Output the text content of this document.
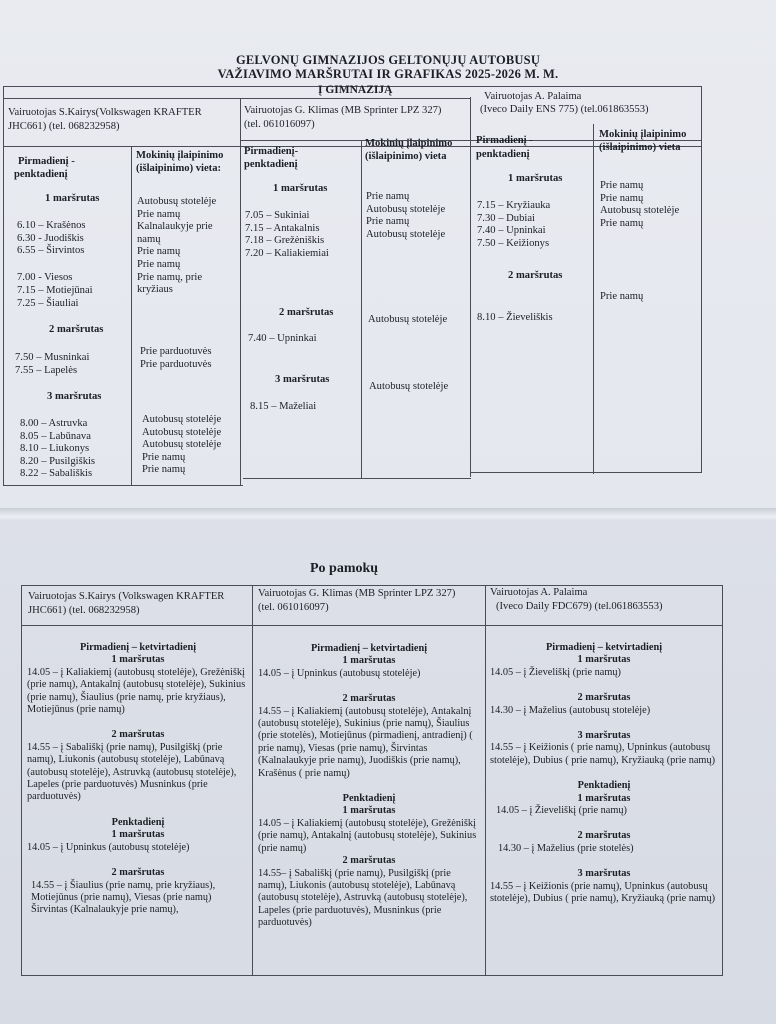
GELVONŲ GIMNAZIJOS GELTONŲJŲ AUTOBUSŲ
VAŽIAVIMO MARŠRUTAI IR GRAFIKAS 2025-2026 M. M.
Į GIMNAZIJĄ
Vairuotojas S.Kairys(Volkswagen KRAFTER
JHC661) (tel. 068232958)
Vairuotojas G. Klimas (MB Sprinter LPZ 327)
(tel. 061016097)
Vairuotojas A. Palaima
(Iveco Daily ENS 775) (tel.061863553)
Pirmadienį -
penktadienį
Mokinių įlaipinimo
(išlaipinimo) vieta:
Pirmadienį-
penktadienį
Mokinių įlaipinimo
(išlaipinimo) vieta
Pirmadienį -
penktadienį
Mokinių įlaipinimo
(išlaipinimo) vieta
1 maršrutas
6.10 – Krašėnos
6.30 - Juodiškis
6.55 – Širvintos
7.00 - Viesos
7.15 – Motiejūnai
7.25 – Šiauliai
Autobusų stotelėje
Prie namų
Kalnalaukyje prie
namų
Prie namų
Prie namų
Prie namų, prie
kryžiaus
2 maršrutas
7.50 – Musninkai
7.55 – Lapelės
Prie parduotuvės
Prie parduotuvės
3 maršrutas
8.00 – Astruvka
8.05 – Labūnava
8.10 – Liukonys
8.20 – Pusilgiškis
8.22 – Sabališkis
Autobusų stotelėje
Autobusų stotelėje
Autobusų stotelėje
Prie namų
Prie namų
1 maršrutas
7.05 – Sukiniai
7.15 – Antakalnis
7.18 – Grežėniškis
7.20 – Kaliakiemiai
Prie namų
Autobusų stotelėje
Prie namų
Autobusų stotelėje
2 maršrutas
7.40 – Upninkai
Autobusų stotelėje
3 maršrutas
8.15 – Maželiai
Autobusų stotelėje
1 maršrutas
7.15 – Kryžiauka
7.30 – Dubiai
7.40 – Upninkai
7.50 – Keižionys
Prie namų
Prie namų
Autobusų stotelėje
Prie namų
2 maršrutas
8.10 – Žieveliškis
Prie namų
Po pamokų
Vairuotojas S.Kairys (Volkswagen KRAFTER
JHC661) (tel. 068232958)
Vairuotojas G. Klimas (MB Sprinter LPZ 327)
(tel. 061016097)
Vairuotojas A. Palaima
(Iveco Daily FDC679) (tel.061863553)
Pirmadienį – ketvirtadienį
1 maršrutas
14.05 – į Kaliakiemį (autobusų stotelėje), Grežėniškį (prie namų), Antakalnį (autobusų stotelėje), Sukinius (prie namų), Šiaulius (prie namų, prie kryžiaus), Motiejūnus (prie namų)
2 maršrutas
14.55 – į Sabališkį (prie namų), Pusilgiškį (prie namų), Liukonis (autobusų stotelėje), Labūnavą (autobusų stotelėje), Astruvką (autobusų stotelėje), Lapeles (prie parduotuvės) Musninkus (prie parduotuvės)
Penktadienį
1 maršrutas
14.05 – į Upninkus (autobusų stotelėje)
2 maršrutas
14.55 – į Šiaulius (prie namų, prie kryžiaus), Motiejūnus (prie namų), Viesas (prie namų) Širvintas (Kalnalaukyje prie namų),
Pirmadienį – ketvirtadienį
1 maršrutas
14.05 – į Upninkus (autobusų stotelėje)
2 maršrutas
14.55 – į Kaliakiemį (autobusų stotelėje), Antakalnį (autobusų stotelėje), Sukinius (prie namų), Šiaulius (prie stotelės), Motiejūnus (pirmadienį, antradienį) ( prie namų), Viesas (prie namų), Širvintas (Kalnalaukyje prie namų), Juodiškis (prie namų), Krašėnus ( prie namų)
Penktadienį
1 maršrutas
14.05 – į Kaliakiemį (autobusų stotelėje), Grežėniškį (prie namų), Antakalnį (autobusų stotelėje), Sukinius (prie namų)
2 maršrutas
14.55– į Sabališkį (prie namų), Pusilgiškį (prie namų), Liukonis (autobusų stotelėje), Labūnavą (autobusų stotelėje), Astruvką (autobusų stotelėje), Lapeles (prie parduotuvės), Musninkus (prie parduotuvės)
Pirmadienį – ketvirtadienį
1 maršrutas
14.05 – į Žieveliškį (prie namų)
2 maršrutas
14.30 – į Maželius (autobusų stotelėje)
3 maršrutas
14.55 – į Keižionis ( prie namų), Upninkus (autobusų stotelėje), Dubius ( prie namų), Kryžiauką (prie namų)
Penktadienį
1 maršrutas
14.05 – į Žieveliškį (prie namų)
2 maršrutas
14.30 – į Maželius (prie stotelės)
3 maršrutas
14.55 – į Keižionis (prie namų), Upninkus (autobusų stotelėje), Dubius ( prie namų), Kryžiauką (prie namų)
